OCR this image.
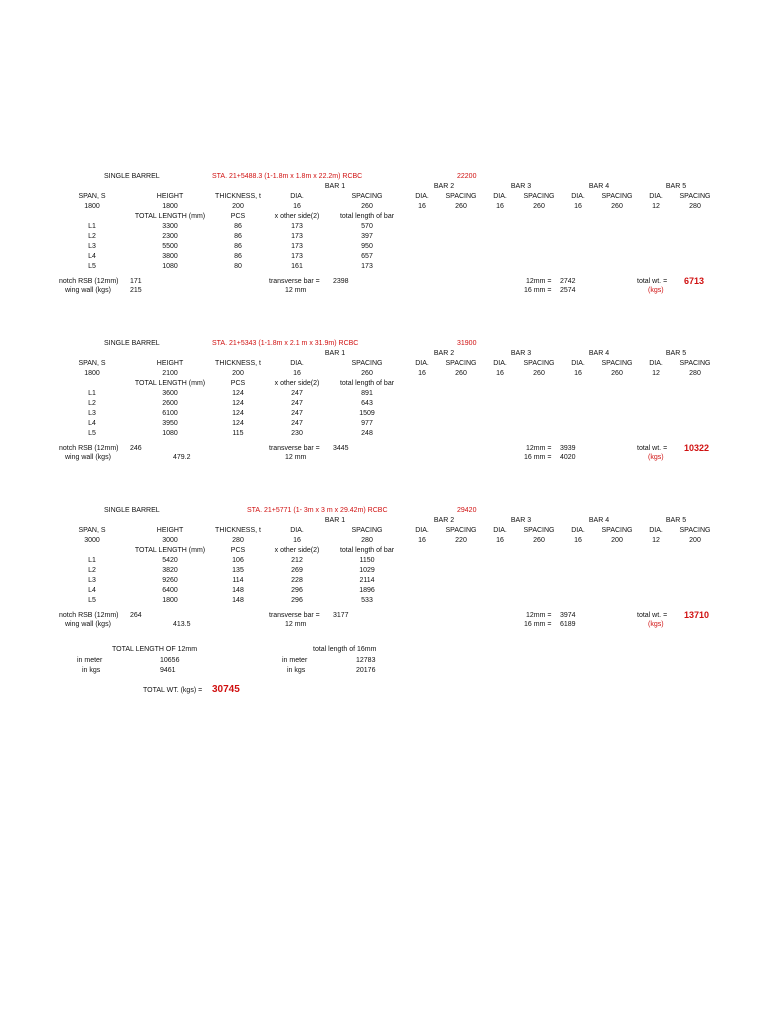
SINGLE BARREL	STA. 21+5488.3 (1-1.8m x 1.8m x 22.2m) RCBC	22200
BAR 1	BAR 2	BAR 3	BAR 4	BAR 5
SPAN, S	HEIGHT	THICKNESS, t	DIA.	SPACING	DIA. SPACING DIA. SPACING DIA. SPACING DIA. SPACING
1800	1800	200	16	260	16	260	16	260	16	260	12	280
TOTAL LENGTH (mm)	PCS	x other side(2)	total length of bar
L1	3300	86	173	570
L2	2300	86	173	397
L3	5500	86	173	950
L4	3800	86	173	657
L5	1080	80	161	173
notch RSB (12mm) 171
wing wall (kgs)	215
transverse bar = 2398
12 mm
12mm = 2742
16 mm = 2574
total wt. = 6713
(kgs)
SINGLE BARREL	STA. 21+5343 (1-1.8m x 2.1 m x 31.9m) RCBC	31900
BAR 1	BAR 2	BAR 3	BAR 4	BAR 5
SPAN, S	HEIGHT	THICKNESS, t	DIA.	SPACING	DIA. SPACING DIA. SPACING DIA. SPACING DIA. SPACING
1800	2100	200	16	260	16	260	16	260	16	260	12	280
TOTAL LENGTH (mm)	PCS	x other side(2)	total length of bar
L1	3600	124	247	891
L2	2600	124	247	643
L3	6100	124	247	1509
L4	3950	124	247	977
L5	1080	115	230	248
notch RSB (12mm) 246
wing wall (kgs)	479.2
transverse bar = 3445
12 mm
12mm = 3939
16 mm = 4020
total wt. = 10322
(kgs)
SINGLE BARREL	STA. 21+5771 (1- 3m x 3 m x 29.42m) RCBC	29420
BAR 1	BAR 2	BAR 3	BAR 4	BAR 5
SPAN, S	HEIGHT	THICKNESS, t	DIA.	SPACING	DIA. SPACING DIA. SPACING DIA. SPACING DIA. SPACING
3000	3000	280	16	280	16	220	16	260	16	200	12	200
TOTAL LENGTH (mm)	PCS	x other side(2)	total length of bar
L1	5420	106	212	1150
L2	3820	135	269	1029
L3	9260	114	228	2114
L4	6400	148	296	1896
L5	1800	148	296	533
notch RSB (12mm) 264
wing wall (kgs)	413.5
transverse bar = 3177
12 mm
12mm = 3974
16 mm = 6189
total wt. = 13710
(kgs)
TOTAL LENGTH OF 12mm	total length of 16mm
in meter	10656
in kgs	9461
in meter	12783
in kgs	20176
TOTAL WT. (kgs) = 30745
